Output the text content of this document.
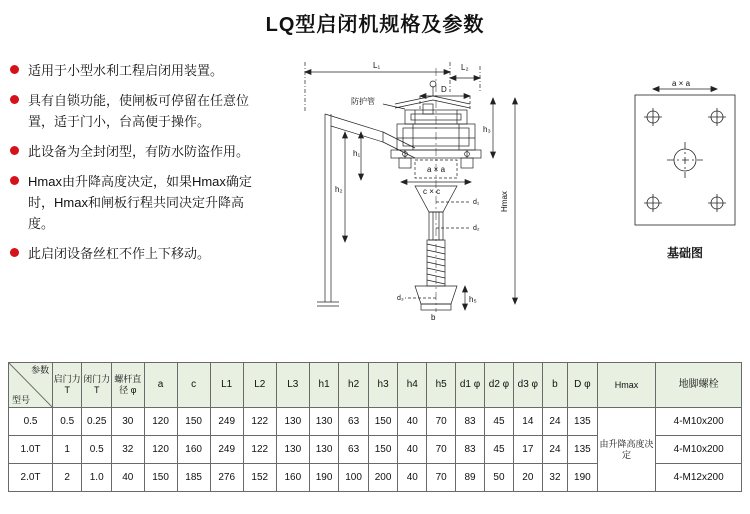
LQ型启闭机规格及参数
适用于小型水利工程启闭用装置。
具有自锁功能，使闸板可停留在任意位置，适于门小，台高便于操作。
此设备为全封闭型，有防水防盗作用。
Hmax由升降高度决定，如果Hmax确定时，Hmax和闸板行程共同决定升降高度。
此启闭设备丝杠不作上下移动。
L₁	L₂
D
防护管
h₃
h₁
h₂
a × a
c × c
d₁
d₂
d₃
b
h₅
Hmax
a × a
基础图
参数
型号	启门力 T	闭门力 T	螺杆直径 φ	a	c	L1	L2	L3	h1	h2	h3	h4	h5	d1 φ	d2 φ	d3 φ	b	D φ	Hmax	地脚螺栓
0.5	0.5	0.25	30	120	150	249	122	130	130	63	150	40	70	83	45	14	24	135	由升降高度决定	4-M10x200
1.0T	1	0.5	32	120	160	249	122	130	130	63	150	40	70	83	45	17	24	135		4-M10x200
2.0T	2	1.0	40	150	185	276	152	160	190	100	200	40	70	89	50	20	32	190		4-M12x200
